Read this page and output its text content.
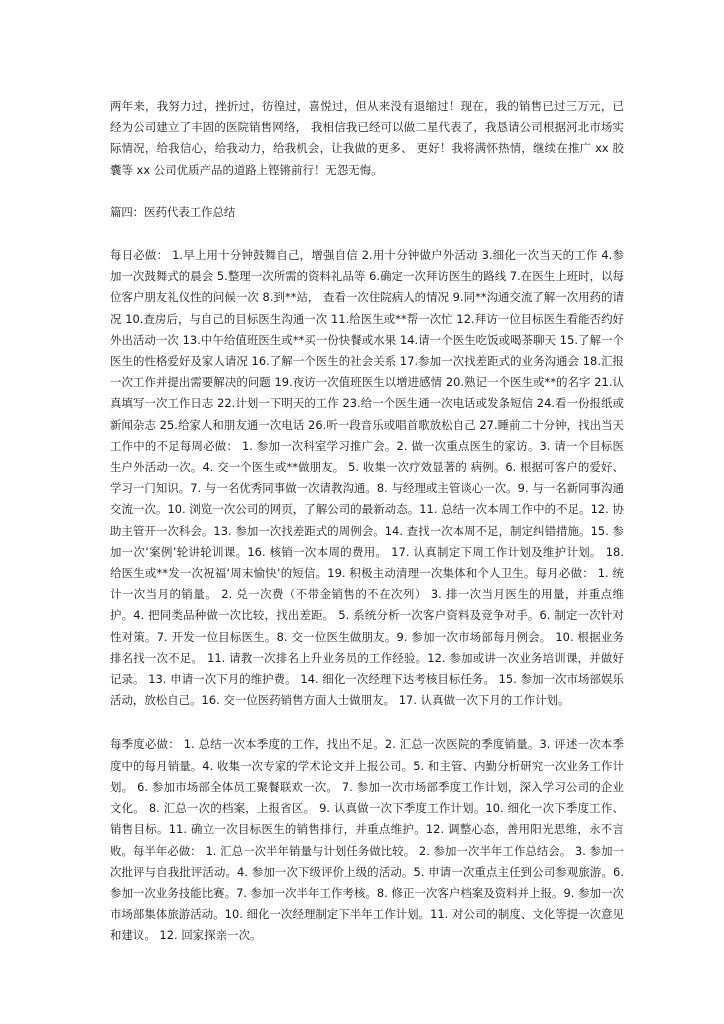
两年来，我努力过，挫折过，彷徨过，喜悦过，但从来没有退缩过！现在，我的销售已过三万元，已经为公司建立了丰固的医院销售网络， 我相信我已经可以做二星代表了，我恳请公司根据河北市场实际情况，给我信心，给我动力，给我机会，让我做的更多、 更好！我将满怀热情，继续在推广 xx 胶囊等 xx 公司优质产品的道路上铿锵前行！无怨无悔。

篇四：医药代表工作总结

每日必做： 1.早上用十分钟鼓舞自己，增强自信 2.用十分钟做户外活动 3.细化一次当天的工作 4.参加一次鼓舞式的晨会 5.整理一次所需的资料礼品等 6.确定一次拜访医生的路线 7.在医生上班时，以每位客户朋友礼仪性的问候一次 8.到**站， 查看一次住院病人的情况 9.同**沟通交流了解一次用药的请况 10.查房后，与自己的目标医生沟通一次 11.给医生或**帮一次忙 12.拜访一位目标医生看能否约好外出活动一次 13.中午给值班医生或**买一份快餐或水果 14.请一个医生吃饭或喝茶聊天 15.了解一个医生的性格爱好及家人请况 16.了解一个医生的社会关系 17.参加一次找差距式的业务沟通会 18.汇报一次工作并提出需要解决的问题 19.夜访一次值班医生以增进感情 20.熟记一个医生或**的名字 21.认真填写一次工作日志 22.计划一下明天的工作 23.给一个医生通一次电话或发条短信 24.看一份报纸或新闻杂志 25.给家人和朋友通一次电话 26.听一段音乐或唱首歌放松自己 27.睡前二十分钟，找出当天工作中的不足每周必做： 1. 参加一次科室学习推广会。2. 做一次重点医生的家访。3. 请一个目标医生户外活动一次。4. 交一个医生或**做朋友。 5. 收集一次疗效显著的 病例。6. 根据可客户的爱好、学习一门知识。7. 与一名优秀同事做一次请教沟通。8. 与经理或主管谈心一次。9. 与一名新同事沟通交流一次。10. 浏览一次公司的网页，了解公司的最新动态。11. 总结一次本周工作中的不足。12. 协助主管开一次科会。13. 参加一次找差距式的周例会。14. 查找一次本周不足，制定纠错措施。15. 参加一次‘案例’轮讲轮训课。16. 核销一次本周的费用。 17. 认真制定下周工作计划及维护计划。 18. 给医生或**发一次祝福‘周末愉快’的短信。19. 积极主动清理一次集体和个人卫生。每月必做： 1. 统计一次当月的销量。 2. 兑一次费（不带金销售的不在次列） 3. 排一次当月医生的用量，并重点维护。4. 把同类品种做一次比较，找出差距。 5. 系统分析一次客户资料及竞争对手。6. 制定一次针对性对策。7. 开发一位目标医生。8. 交一位医生做朋友。9. 参加一次市场部每月例会。 10. 根据业务排名找一次不足。 11. 请教一次排名上升业务员的工作经验。12. 参加或讲一次业务培训课，并做好记录。 13. 申请一次下月的维护费。 14. 细化一次经理下达考核目标任务。 15. 参加一次市场部娱乐活动，放松自己。16. 交一位医药销售方面人士做朋友。 17. 认真做一次下月的工作计划。

每季度必做： 1. 总结一次本季度的工作，找出不足。2. 汇总一次医院的季度销量。3. 评述一次本季度中的每月销量。4. 收集一次专家的学术论文并上报公司。5. 和主管、内勤分析研究一次业务工作计划。 6. 参加市场部全体员工聚餐联欢一次。 7. 参加一次市场部季度工作计划，深入学习公司的企业文化。 8. 汇总一次的档案，上报省区。 9. 认真做一次下季度工作计划。10. 细化一次下季度工作、销售目标。11. 确立一次目标医生的销售排行，并重点维护。12. 调整心态，善用阳光思维，永不言败。每半年必做： 1. 汇总一次半年销量与计划任务做比较。 2. 参加一次半年工作总结会。 3. 参加一次批评与自我批评活动。4. 参加一次下级评价上级的活动。5. 申请一次重点主任到公司参观旅游。6. 参加一次业务技能比赛。7. 参加一次半年工作考核。8. 修正一次客户档案及资料并上报。9. 参加一次市场部集体旅游活动。10. 细化一次经理制定下半年工作计划。11. 对公司的制度、文化等提一次意见和建议。 12. 回家探亲一次。
